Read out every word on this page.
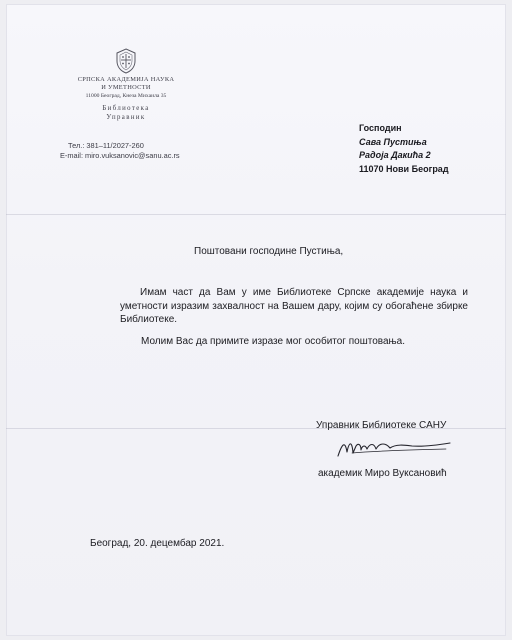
СРПСКА АКАДЕМИЈА НАУКА
И УМЕТНОСТИ
11000 Београд, Кнеза Михаила 35
Библиотека
Управник
Тел.: 381–11/2027-260
E-mail: miro.vuksanovic@sanu.ac.rs
Господин
Сава Пустиња
Радоја Дакића 2
11070 Нови Београд
Поштовани господине Пустиња,
Имам част да Вам у име Библиотеке Српске академије наука и уметности изразим захвалност на Вашем дару, којим су обогаћене збирке Библиотеке.
Молим Вас да примите изразе мог особитог поштовања.
Управник Библиотеке САНУ
академик Миро Вуксановић
Београд, 20. децембар 2021.
